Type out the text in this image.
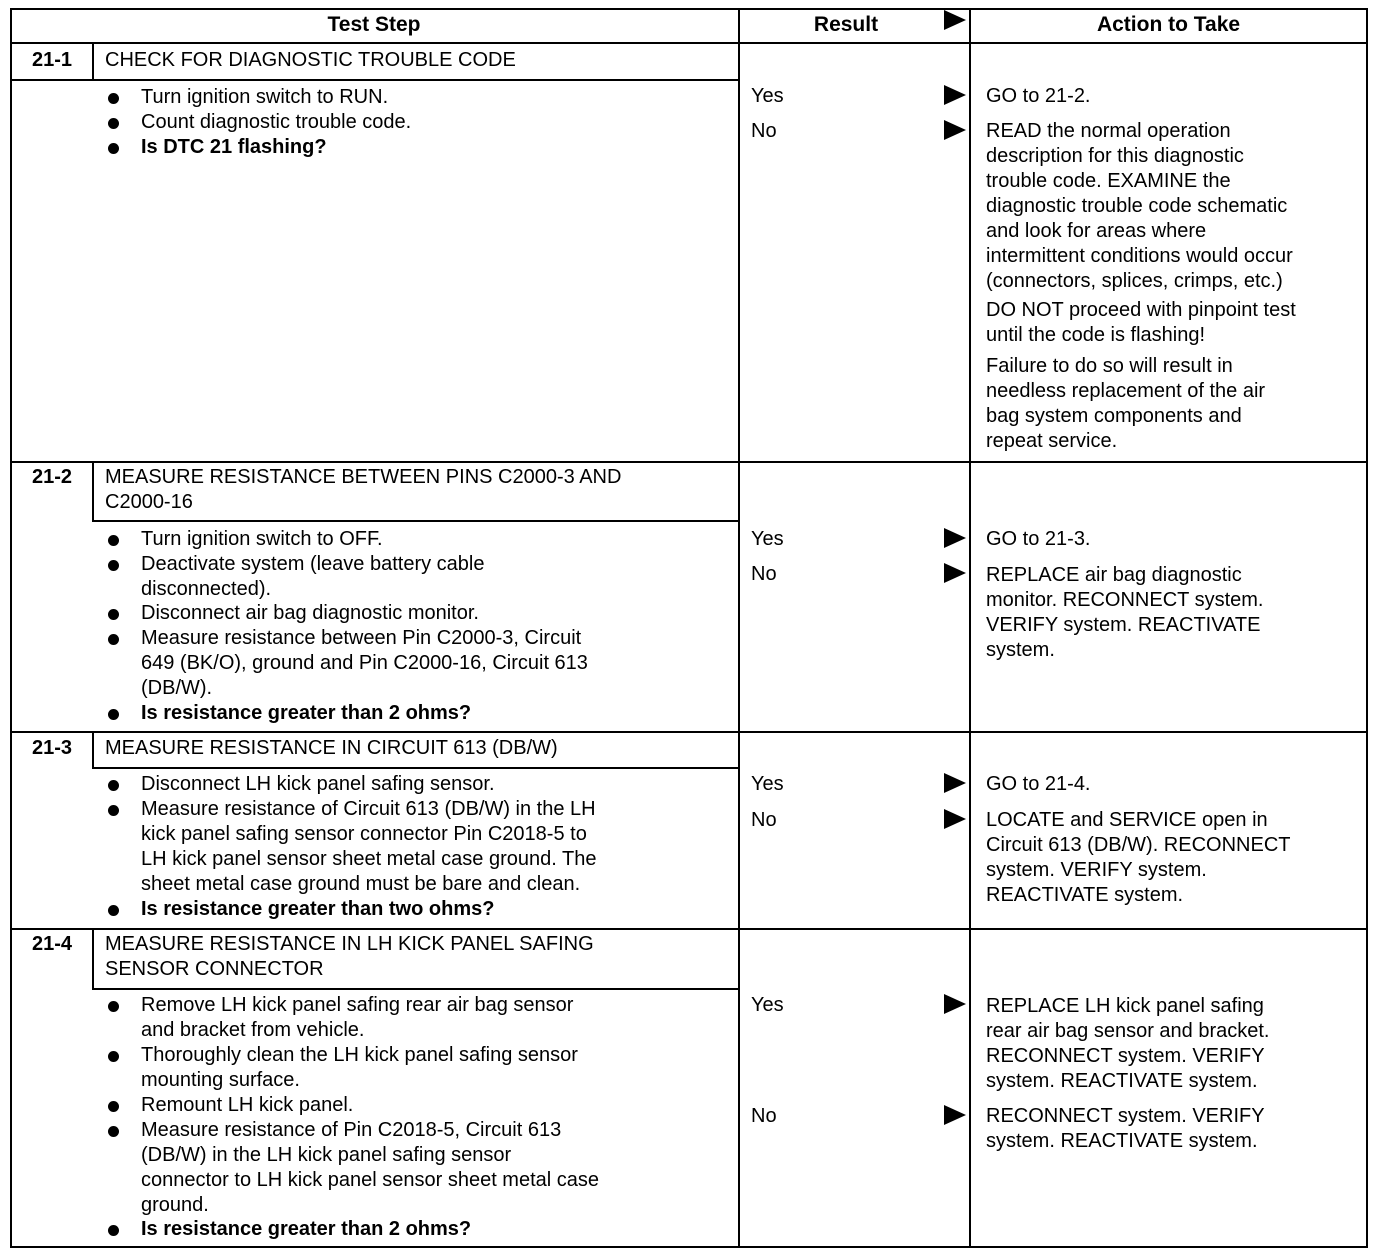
Test Step	Result	Action to Take
21-1	CHECK FOR DIAGNOSTIC TROUBLE CODE
Turn ignition switch to RUN.
Count diagnostic trouble code.
Is DTC 21 flashing?
Yes	GO to 21-2.
No	READ the normal operation
description for this diagnostic
trouble code. EXAMINE the
diagnostic trouble code schematic
and look for areas where
intermittent conditions would occur
(connectors, splices, crimps, etc.)
DO NOT proceed with pinpoint test
until the code is flashing!
Failure to do so will result in
needless replacement of the air
bag system components and
repeat service.
21-2	MEASURE RESISTANCE BETWEEN PINS C2000-3 AND
C2000-16
Turn ignition switch to OFF.
Deactivate system (leave battery cable
disconnected).
Disconnect air bag diagnostic monitor.
Measure resistance between Pin C2000-3, Circuit
649 (BK/O), ground and Pin C2000-16, Circuit 613
(DB/W).
Is resistance greater than 2 ohms?
Yes	GO to 21-3.
No	REPLACE air bag diagnostic
monitor. RECONNECT system.
VERIFY system. REACTIVATE
system.
21-3	MEASURE RESISTANCE IN CIRCUIT 613 (DB/W)
Disconnect LH kick panel safing sensor.
Measure resistance of Circuit 613 (DB/W) in the LH
kick panel safing sensor connector Pin C2018-5 to
LH kick panel sensor sheet metal case ground. The
sheet metal case ground must be bare and clean.
Is resistance greater than two ohms?
Yes	GO to 21-4.
No	LOCATE and SERVICE open in
Circuit 613 (DB/W). RECONNECT
system. VERIFY system.
REACTIVATE system.
21-4	MEASURE RESISTANCE IN LH KICK PANEL SAFING
SENSOR CONNECTOR
Remove LH kick panel safing rear air bag sensor
and bracket from vehicle.
Thoroughly clean the LH kick panel safing sensor
mounting surface.
Remount LH kick panel.
Measure resistance of Pin C2018-5, Circuit 613
(DB/W) in the LH kick panel safing sensor
connector to LH kick panel sensor sheet metal case
ground.
Is resistance greater than 2 ohms?
Yes	REPLACE LH kick panel safing
rear air bag sensor and bracket.
RECONNECT system. VERIFY
system. REACTIVATE system.
No	RECONNECT system. VERIFY
system. REACTIVATE system.
